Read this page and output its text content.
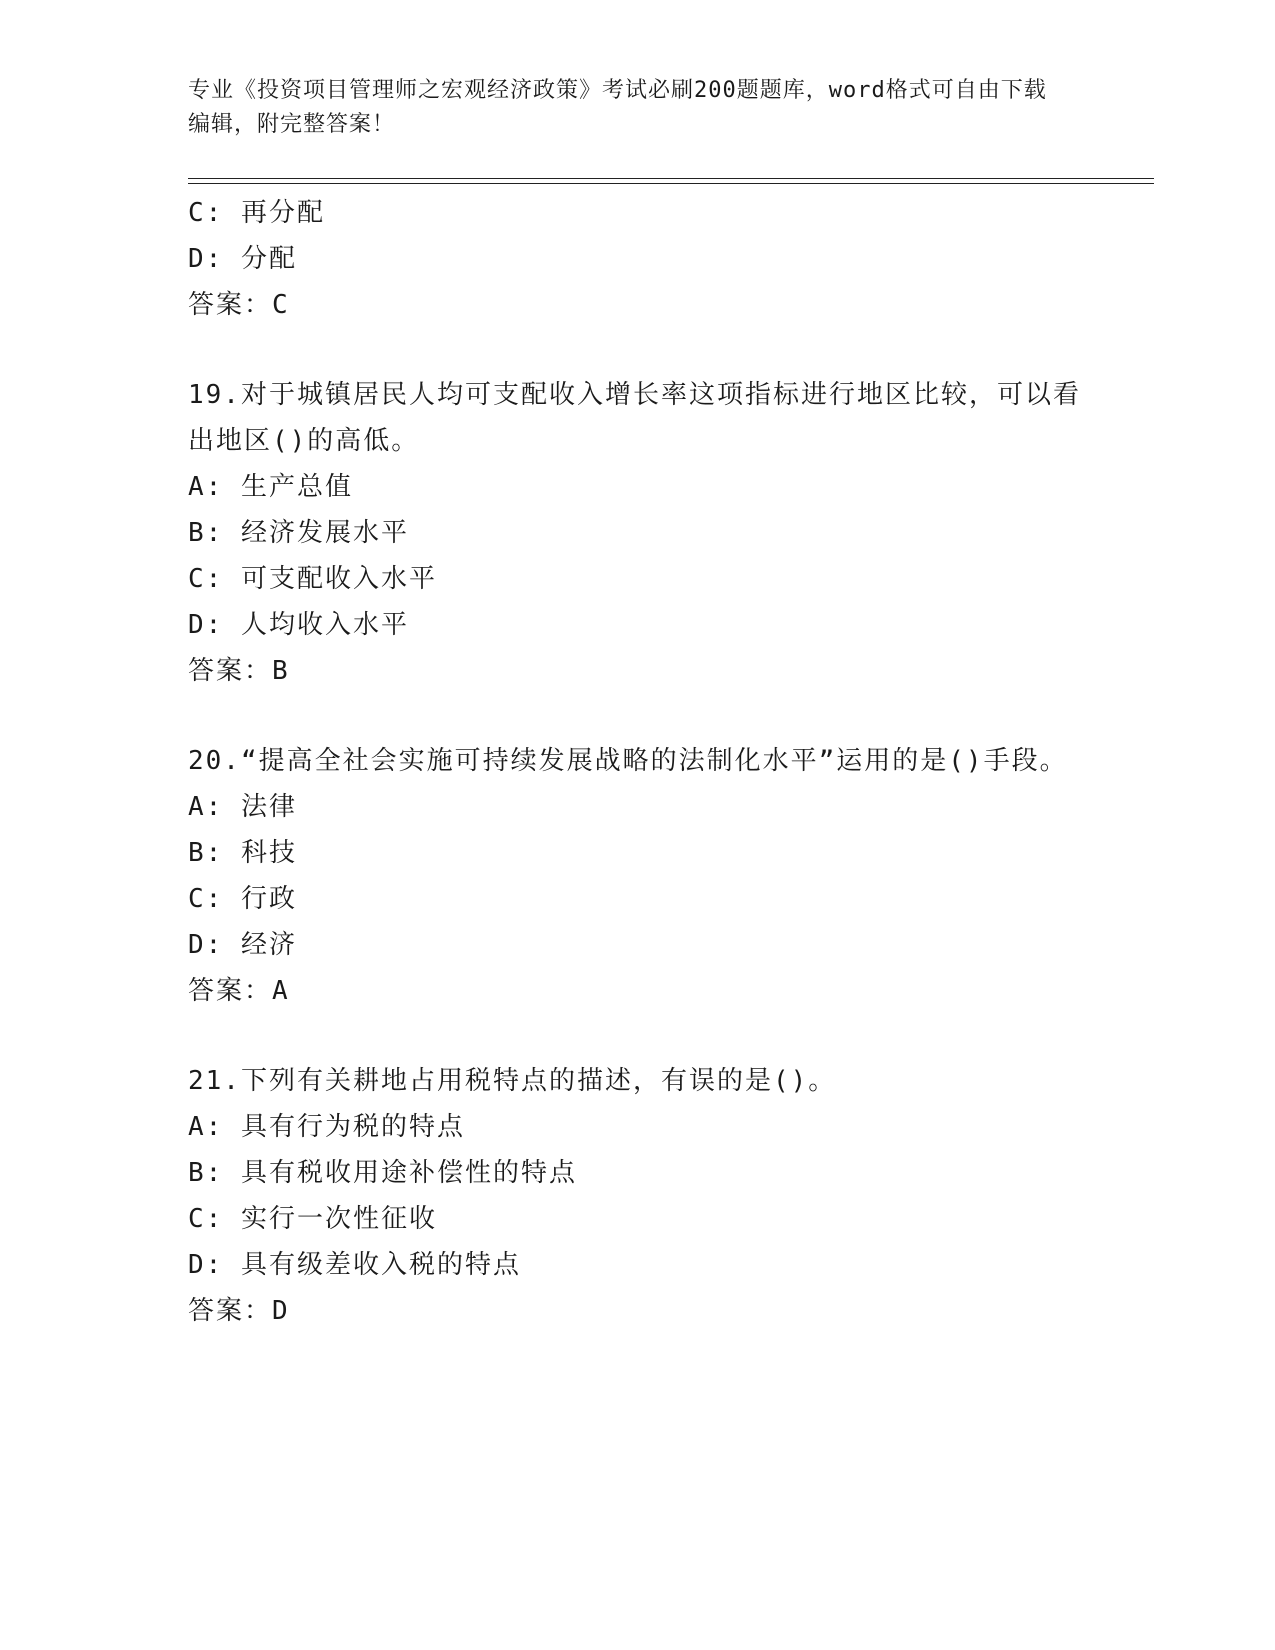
专业《投资项目管理师之宏观经济政策》考试必刷200题题库，word格式可自由下载编辑，附完整答案！
C: 再分配
D: 分配
答案：C
19.对于城镇居民人均可支配收入增长率这项指标进行地区比较，可以看出地区()的高低。
A: 生产总值
B: 经济发展水平
C: 可支配收入水平
D: 人均收入水平
答案：B
20.“提高全社会实施可持续发展战略的法制化水平”运用的是()手段。
A: 法律
B: 科技
C: 行政
D: 经济
答案：A
21.下列有关耕地占用税特点的描述，有误的是()。
A: 具有行为税的特点
B: 具有税收用途补偿性的特点
C: 实行一次性征收
D: 具有级差收入税的特点
答案：D
